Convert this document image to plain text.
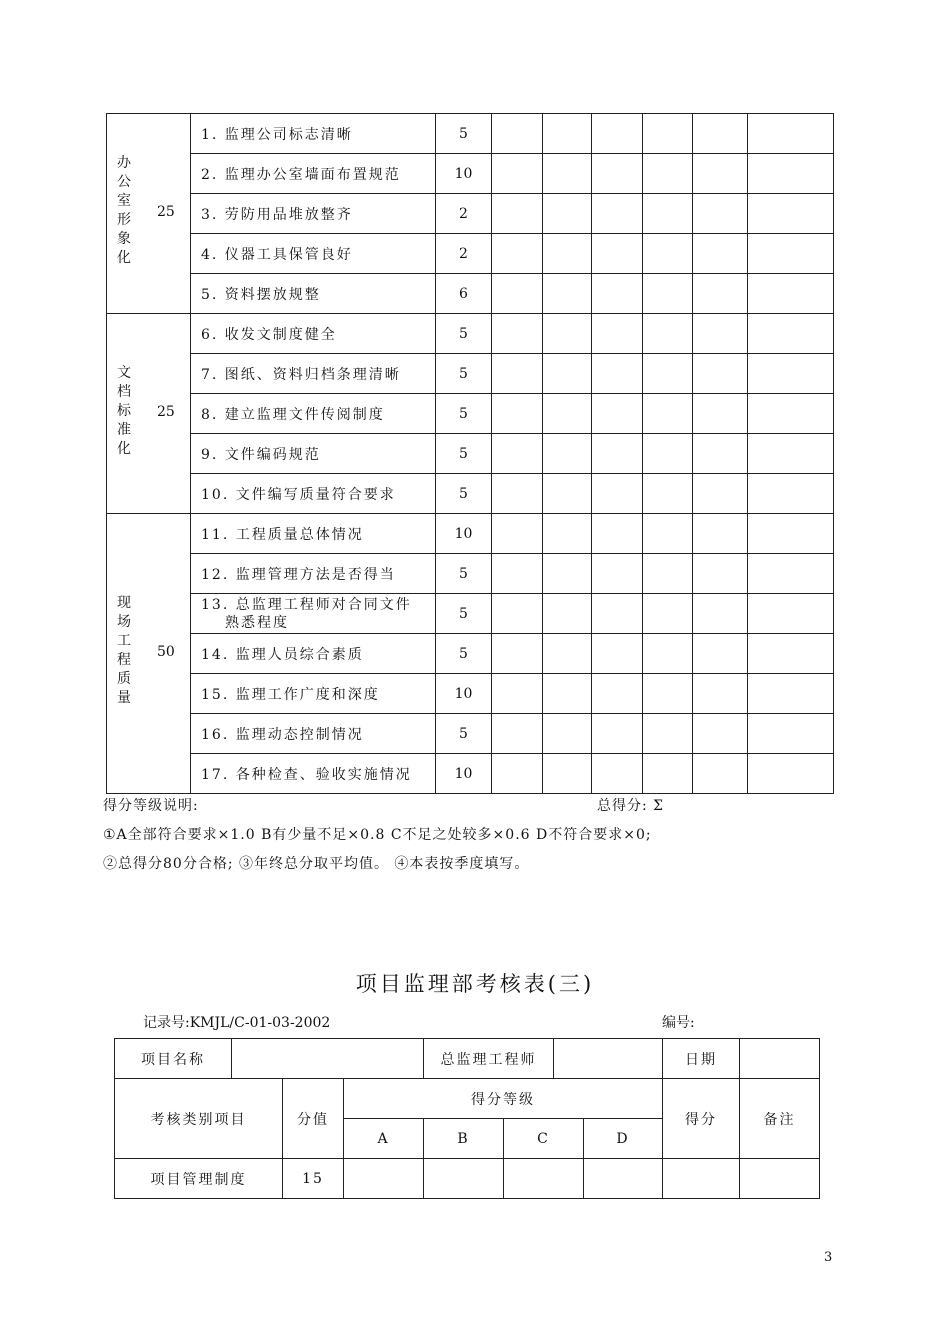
办公室形象化
25	1. 监理公司标志清晰	5						
	2. 监理办公室墙面布置规范	10						
	3. 劳防用品堆放整齐	2						
	4. 仪器工具保管良好	2						
	5. 资料摆放规整	6						

文档标准化
25	6. 收发文制度健全	5						
	7. 图纸、资料归档条理清晰	5						
	8. 建立监理文件传阅制度	5						
	9. 文件编码规范	5						
	10. 文件编写质量符合要求	5						

现场工程质量
50	11. 工程质量总体情况	10						
	12. 监理管理方法是否得当	5						

	13. 总监理工程师对合同文件
熟悉程度	5						
	14. 监理人员综合素质	5						
	15. 监理工作广度和深度	10						
	16. 监理动态控制情况	5						
	17. 各种检查、验收实施情况	10						
得分等级说明:	总得分: Σ
①A全部符合要求×1.0 B有少量不足×0.8 C不足之处较多×0.6 D不符合要求×0;
②总得分80分合格; ③年终总分取平均值。 ④本表按季度填写。
项目监理部考核表(三)
记录号:KMJL/C-01-03-2002	编号:
项目名称				总监理工程师				日期	
考核类别项目		分值	得分等级					得分	备注
			A	B	C		D		
项目管理制度		15							
3
